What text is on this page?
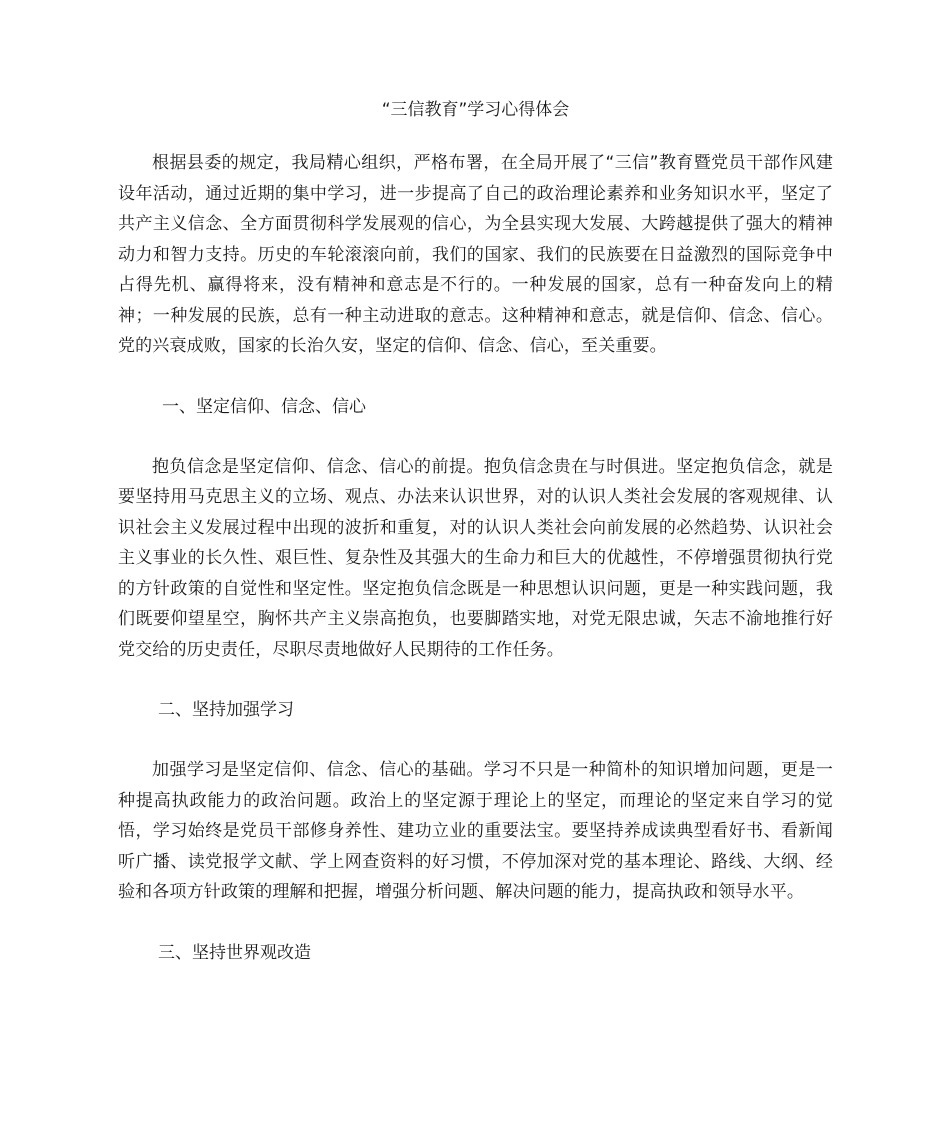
“三信教育”学习心得体会

根据县委的规定，我局精心组织，严格布署，在全局开展了“三信”教育暨党员干部作风建设年活动，通过近期的集中学习，进一步提高了自己的政治理论素养和业务知识水平，坚定了共产主义信念、全方面贯彻科学发展观的信心，为全县实现大发展、大跨越提供了强大的精神动力和智力支持。历史的车轮滚滚向前，我们的国家、我们的民族要在日益激烈的国际竞争中占得先机、赢得将来，没有精神和意志是不行的。一种发展的国家，总有一种奋发向上的精神；一种发展的民族，总有一种主动进取的意志。这种精神和意志，就是信仰、信念、信心。党的兴衰成败，国家的长治久安，坚定的信仰、信念、信心，至关重要。

一、坚定信仰、信念、信心

抱负信念是坚定信仰、信念、信心的前提。抱负信念贵在与时俱进。坚定抱负信念，就是要坚持用马克思主义的立场、观点、办法来认识世界，对的认识人类社会发展的客观规律、认识社会主义发展过程中出现的波折和重复，对的认识人类社会向前发展的必然趋势、认识社会主义事业的长久性、艰巨性、复杂性及其强大的生命力和巨大的优越性，不停增强贯彻执行党的方针政策的自觉性和坚定性。坚定抱负信念既是一种思想认识问题，更是一种实践问题，我们既要仰望星空，胸怀共产主义崇高抱负，也要脚踏实地，对党无限忠诚，矢志不渝地推行好党交给的历史责任，尽职尽责地做好人民期待的工作任务。

二、坚持加强学习

加强学习是坚定信仰、信念、信心的基础。学习不只是一种简朴的知识增加问题，更是一种提高执政能力的政治问题。政治上的坚定源于理论上的坚定，而理论的坚定来自学习的觉悟，学习始终是党员干部修身养性、建功立业的重要法宝。要坚持养成读典型看好书、看新闻听广播、读党报学文献、学上网查资料的好习惯，不停加深对党的基本理论、路线、大纲、经验和各项方针政策的理解和把握，增强分析问题、解决问题的能力，提高执政和领导水平。

三、坚持世界观改造
